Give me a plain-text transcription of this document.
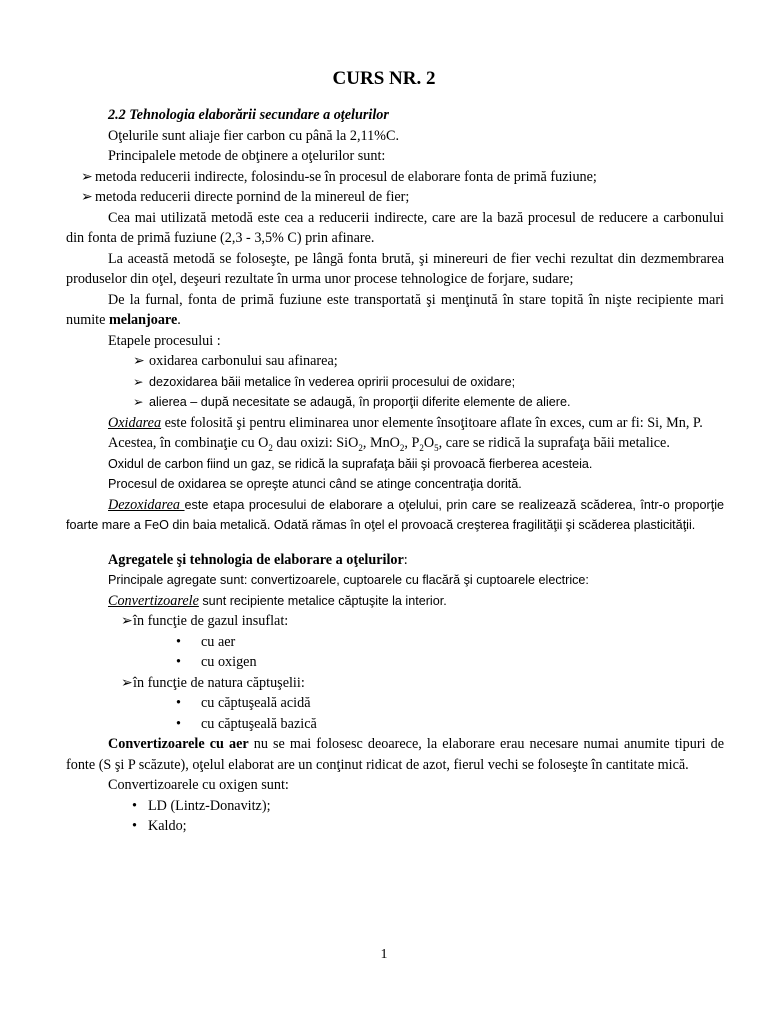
CURS NR. 2

2.2 Tehnologia elaborării secundare a oţelurilor

Oţelurile sunt aliaje fier carbon cu până la 2,11%C.

Principalele metode de obţinere a oţelurilor sunt:

➢ metoda reducerii indirecte, folosindu-se în procesul de elaborare fonta de primă fuziune;
➢ metoda reducerii directe pornind de la minereul de fier;

Cea mai utilizată metodă este cea a reducerii indirecte, care are la bază procesul de reducere a carbonului din fonta de primă fuziune (2,3 - 3,5% C) prin afinare.

La această metodă se foloseşte, pe lângă fonta brută, şi minereuri de fier vechi rezultat din dezmembrarea produselor din oţel, deşeuri rezultate în urma unor procese tehnologice de forjare, sudare;

De la furnal, fonta de primă fuziune este transportată şi menţinută în stare topită în nişte recipiente mari numite melanjoare.

Etapele procesului :

➢ oxidarea carbonului sau afinarea;
➢ dezoxidarea băii metalice în vederea opririi procesului de oxidare;
➢ alierea – după necesitate se adaugă, în proporţii diferite elemente de aliere.

Oxidarea este folosită şi pentru eliminarea unor elemente însoţitoare aflate în exces, cum ar fi: Si, Mn, P.

Acestea, în combinaţie cu $O_2$ dau oxizi: SiO$_2$, MnO$_2$, $P_2O_5$, care se ridică la suprafaţa băii metalice.

Oxidul de carbon fiind un gaz, se ridică la suprafaţa băii şi provoacă fierberea acesteia.

Procesul de oxidarea se opreşte atunci când se atinge concentraţia dorită.

Dezoxidarea este etapa procesului de elaborare a oţelului, prin care se realizează scăderea, într-o proporţie foarte mare a FeO din baia metalică. Odată rămas în oţel el provoacă creşterea fragilităţii şi scăderea plasticităţii.

Agregatele şi tehnologia de elaborare a oţelurilor:

Principale agregate sunt: convertizoarele, cuptoarele cu flacără şi cuptoarele electrice:

Convertizoarele sunt recipiente metalice căptuşite la interior.

➢ în funcţie de gazul insuflat:
• cu aer
• cu oxigen
➢ în funcţie de natura căptuşelii:
• cu căptuşeală acidă
• cu căptuşeală bazică

Convertizoarele cu aer nu se mai folosesc deoarece, la elaborare erau necesare numai anumite tipuri de fonte (S şi P scăzute), oţelul elaborat are un conţinut ridicat de azot, fierul vechi se foloseşte în cantitate mică.

Convertizoarele cu oxigen sunt:

• LD (Lintz-Donavitz);
• Kaldo;
1
